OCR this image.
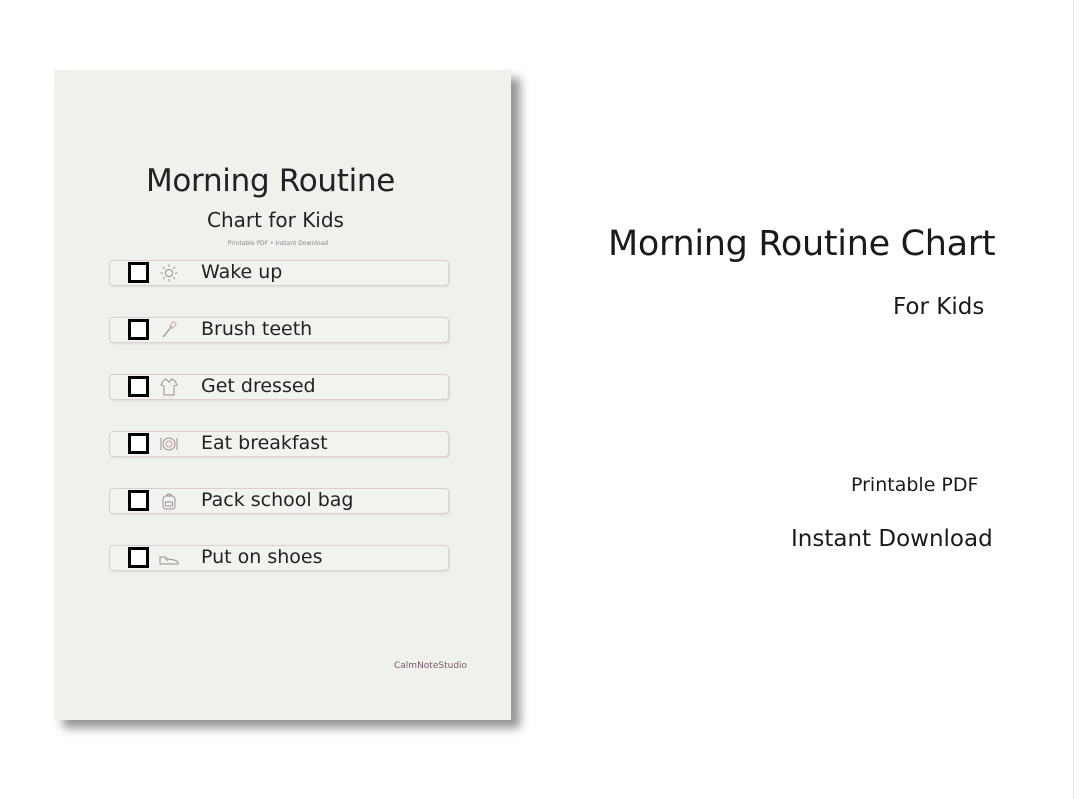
Morning Routine
Chart for Kids
Printable PDF • Instant Download
Wake up
Brush teeth
Get dressed
Eat breakfast
Pack school bag
Put on shoes
CalmNoteStudio
Morning Routine Chart
For Kids
Printable PDF
Instant Download
